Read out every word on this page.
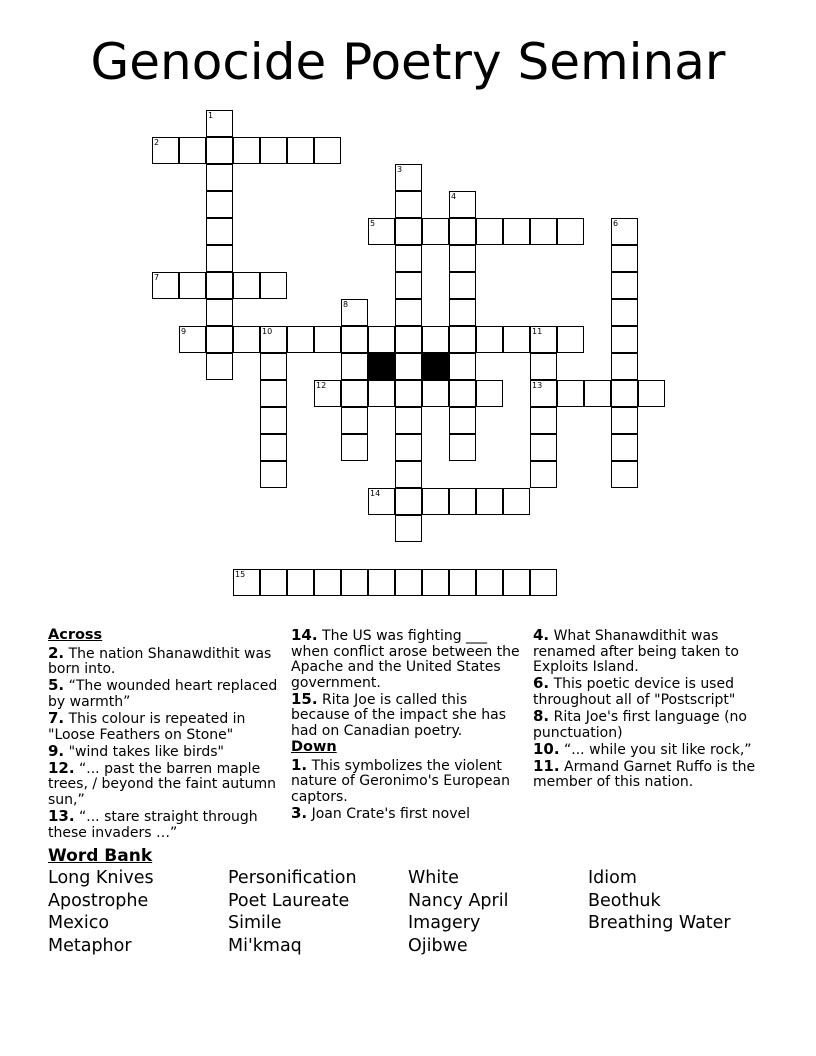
Genocide Poetry Seminar
2
5
7
9	10	11
12	13
14
15
1
3
4
6
8
Across
2. The nation Shanawdithit was born into.
5. “The wounded heart replaced by warmth”
7. This colour is repeated in "Loose Feathers on Stone"
9. "wind takes like birds"
12. “... past the barren maple trees, / beyond the faint autumn sun,”
13. “... stare straight through these invaders …”
14. The US was fighting ___ when conflict arose between the Apache and the United States government.
15. Rita Joe is called this because of the impact she has had on Canadian poetry.
Down
1. This symbolizes the violent nature of Geronimo's European captors.
3. Joan Crate's first novel
4. What Shanawdithit was renamed after being taken to Exploits Island.
6. This poetic device is used throughout all of "Postscript"
8. Rita Joe's first language (no punctuation)
10. “... while you sit like rock,”
11. Armand Garnet Ruffo is the member of this nation.
Word Bank
Long Knives
Apostrophe
Mexico
Metaphor
Personification
Poet Laureate
Simile
Mi'kmaq
White
Nancy April
Imagery
Ojibwe
Idiom
Beothuk
Breathing Water
